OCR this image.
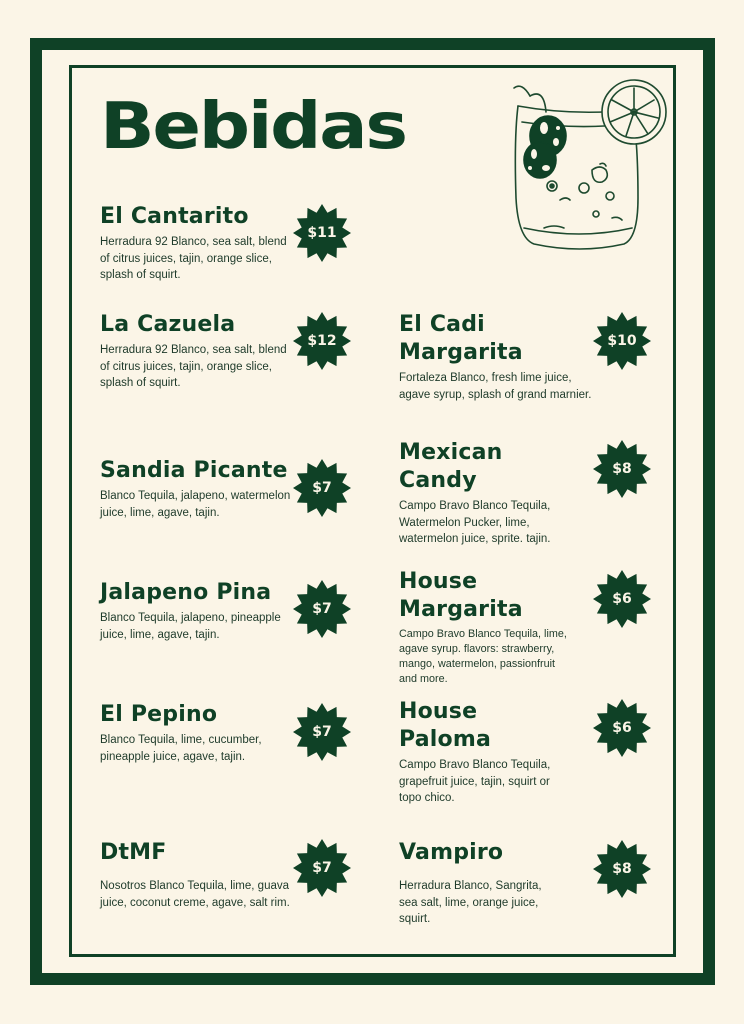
Bebidas
El Cantarito
Herradura 92 Blanco, sea salt, blend of citrus juices, tajin, orange slice, splash of squirt.
La Cazuela
Herradura 92 Blanco, sea salt, blend of citrus juices, tajin, orange slice, splash of squirt.
Sandia Picante
Blanco Tequila, jalapeno, watermelon juice, lime, agave, tajin.
Jalapeno Pina
Blanco Tequila, jalapeno, pineapple juice, lime, agave, tajin.
El Pepino
Blanco Tequila, lime, cucumber, pineapple juice, agave, tajin.
DtMF
Nosotros Blanco Tequila, lime, guava juice, coconut creme, agave, salt rim.
El Cadi Margarita
Fortaleza Blanco, fresh lime juice, agave syrup, splash of grand marnier.
Mexican Candy
Campo Bravo Blanco Tequila, Watermelon Pucker, lime, watermelon juice, sprite. tajin.
House Margarita
Campo Bravo Blanco Tequila, lime, agave syrup. flavors: strawberry, mango, watermelon, passionfruit and more.
House Paloma
Campo Bravo Blanco Tequila, grapefruit juice, tajin, squirt or topo chico.
Vampiro
Herradura Blanco, Sangrita, sea salt, lime, orange juice, squirt.
$11
$12
$7
$7
$7
$7
$10
$8
$6
$6
$8
